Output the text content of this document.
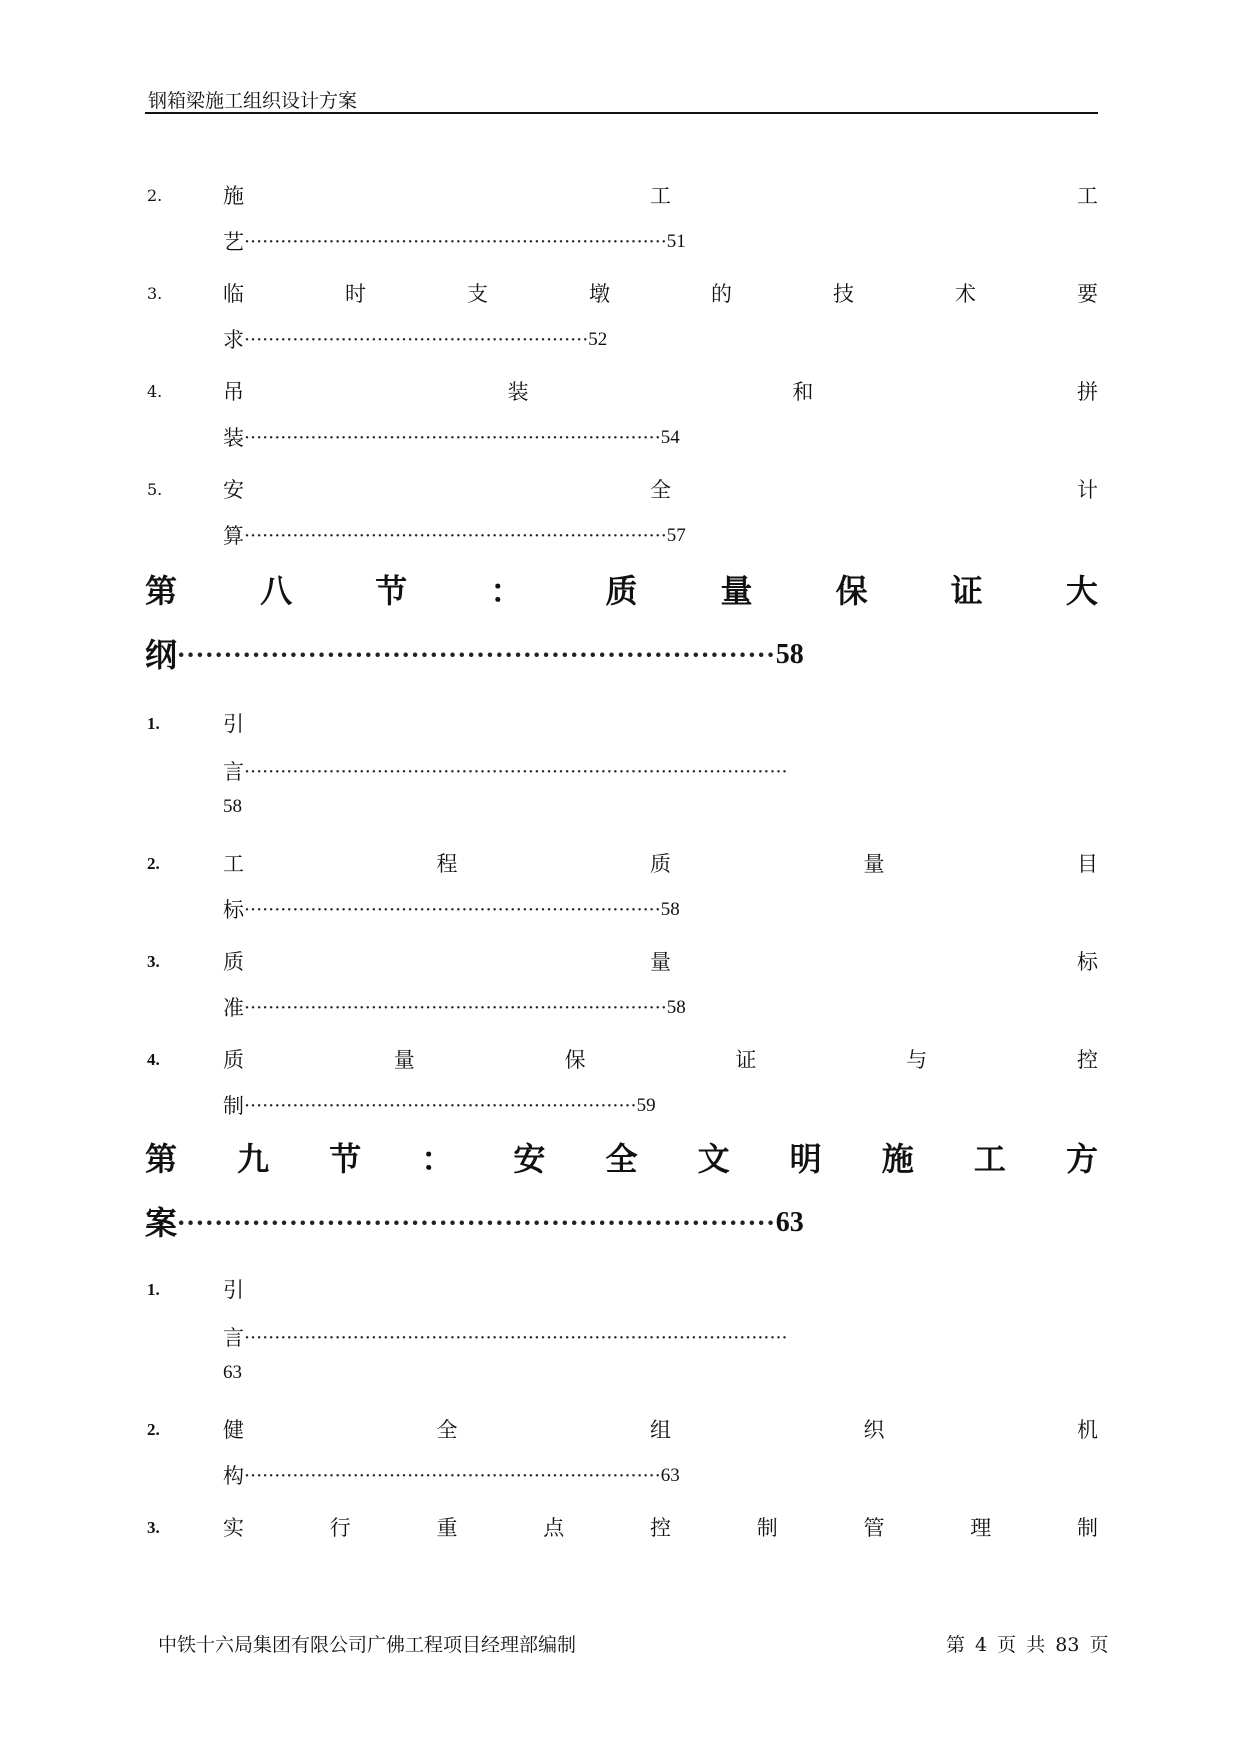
钢箱梁施工组织设计方案
2.	施	工	工
艺 ······································································ 51
3.	临	时	支	墩	的	技	术	要
求 ························································· 52
4.	吊	装	和	拼
装 ····································································· 54
5.	安	全	计
算 ······································································ 57
第	八	节	：	质	量	保	证	大
纲 ································································ 58
1.	引
言 ··························································································
58
2.	工	程	质	量	目
标 ····································································· 58
3.	质	量	标
准 ······································································ 58
4.	质	量	保	证	与	控
制 ································································· 59
第 九 节 ： 安 全 文 明 施 工 方
案 ································································ 63
1.	引
言 ··························································································
63
2.	健	全	组	织	机
构 ····································································· 63
3.	实	行	重	点	控	制	管	理	制
中铁十六局集团有限公司广佛工程项目经理部编制	第 4 页 共 83 页
